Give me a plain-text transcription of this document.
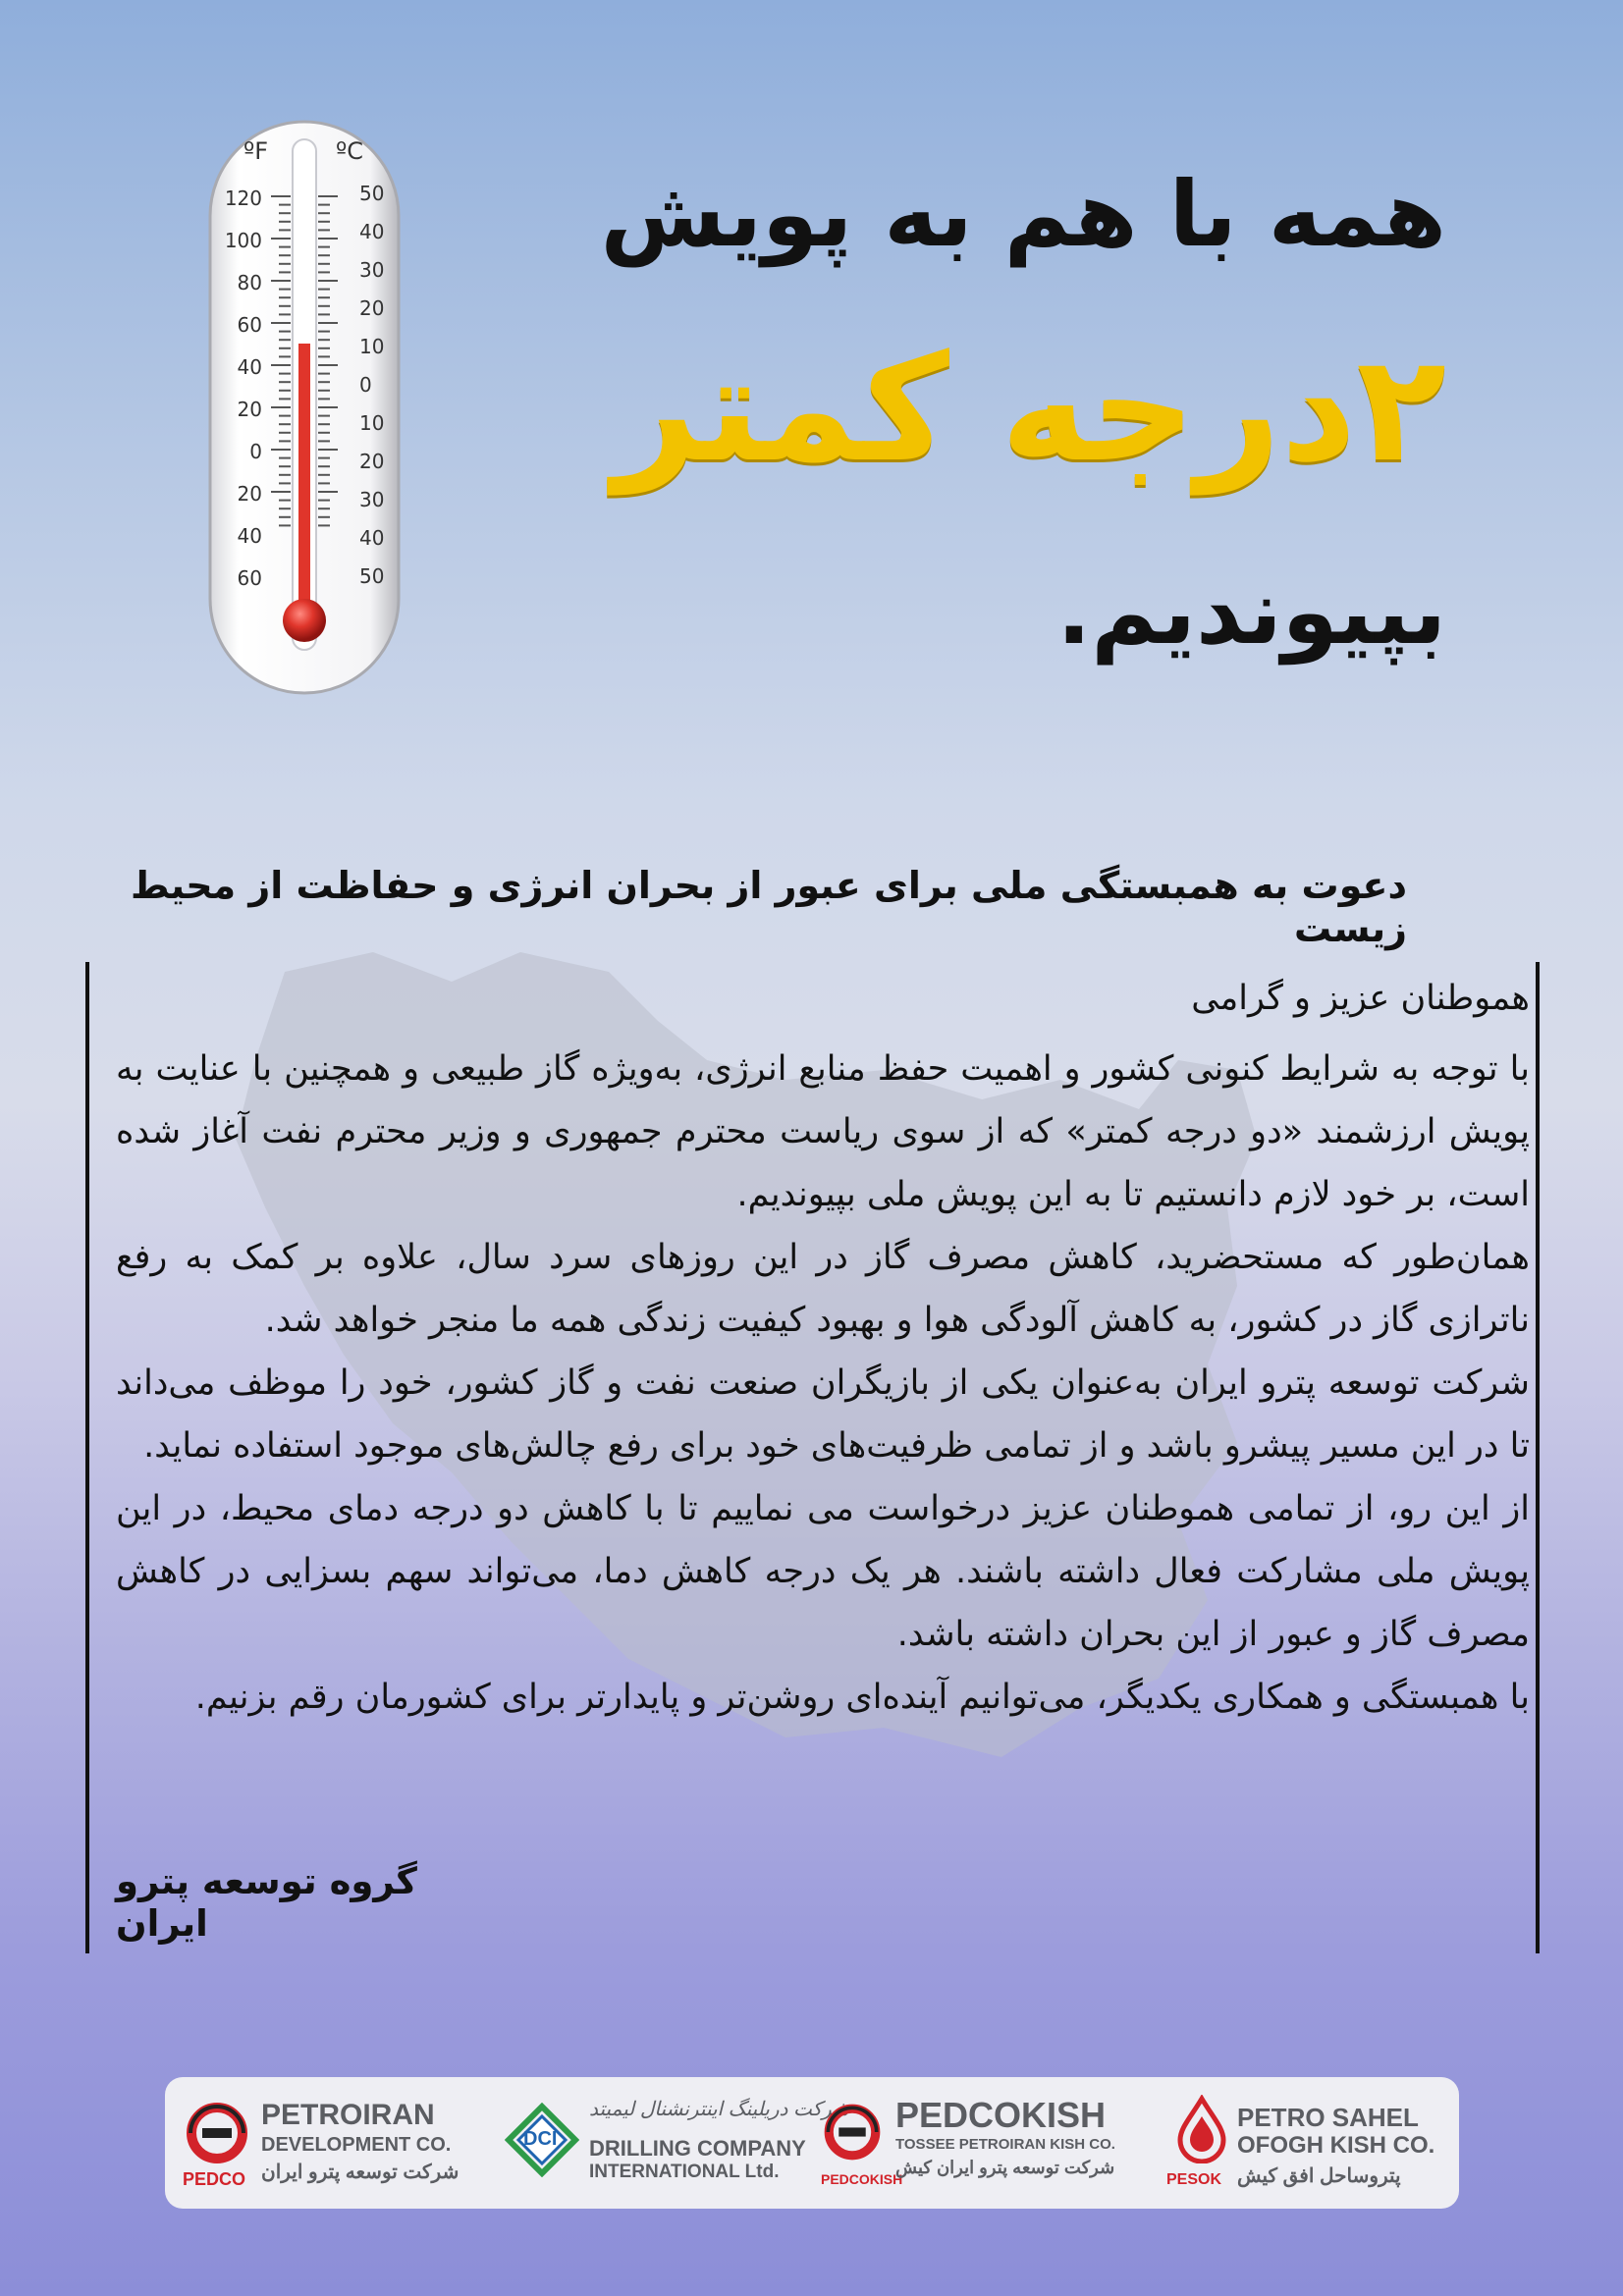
ºF	ºC
120
100
80
60
40
20
0
20
40
60
50
40
30
20
10
0
10
20
30
40
50
همه با هم به پویش
۲درجه کمتر
بپیوندیم.
دعوت به همبستگی ملی برای عبور از بحران انرژی و حفاظت از محیط زیست

هموطنان عزیز و گرامی

با توجه به شرایط کنونی کشور و اهمیت حفظ منابع انرژی، به‌ویژه گاز طبیعی و همچنین با عنایت به پویش ارزشمند «دو درجه کمتر» که از سوی ریاست محترم جمهوری و وزیر محترم نفت آغاز شده است، بر خود لازم دانستیم تا به این پویش ملی بپیوندیم.

همان‌طور که مستحضرید، کاهش مصرف گاز در این روزهای سرد سال، علاوه بر کمک به رفع ناترازی گاز در کشور، به کاهش آلودگی هوا و بهبود کیفیت زندگی همه ما منجر خواهد شد.

شرکت توسعه پترو ایران به‌عنوان یکی از بازیگران صنعت نفت و گاز کشور، خود را موظف می‌داند تا در این مسیر پیشرو باشد و از تمامی ظرفیت‌های خود برای رفع چالش‌های موجود استفاده نماید.

از این رو، از تمامی هموطنان عزیز درخواست می نماییم تا با کاهش دو درجه دمای محیط، در این پویش ملی مشارکت فعال داشته باشند. هر یک درجه کاهش دما، می‌تواند سهم بسزایی در کاهش مصرف گاز و عبور از این بحران داشته باشد.

با همبستگی و همکاری یکدیگر، می‌توانیم آینده‌ای روشن‌تر و پایدارتر برای کشورمان رقم بزنیم.

گروه توسعه پترو ایران
PEDCO
PETROIRAN
DEVELOPMENT CO.
شرکت توسعه پترو ایران
DCI
شرکت دریلینگ اینترنشنال لیمیتد
DRILLING COMPANY
INTERNATIONAL Ltd.	PEDCOKISH
PEDCOKISH
TOSSEE PETROIRAN KISH CO.
شرکت توسعه پترو ایران کیش
PESOK
PETRO SAHEL
OFOGH KISH CO.
پتروساحل افق کیش
